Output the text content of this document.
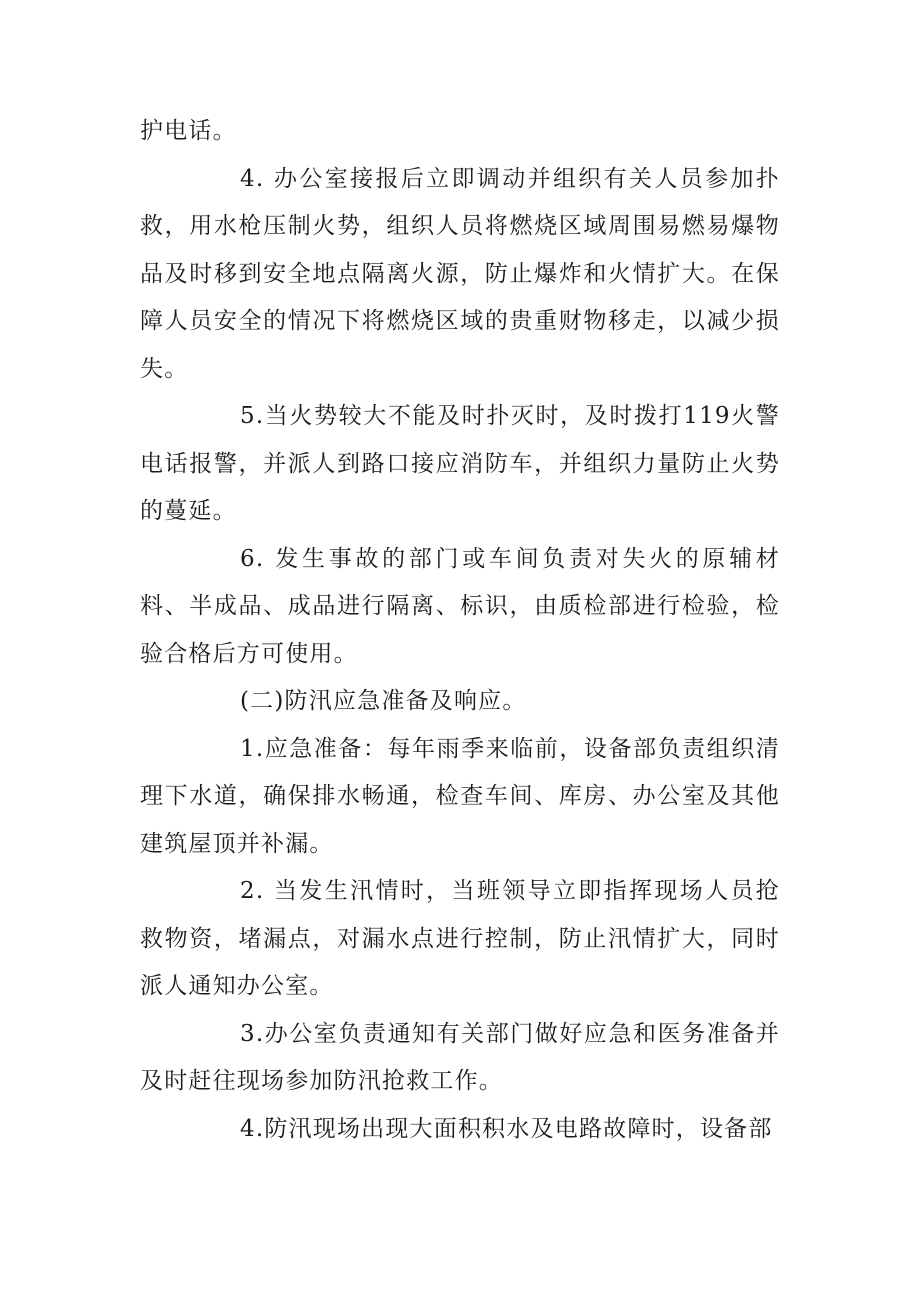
护电话。

4. 办公室接报后立即调动并组织有关人员参加扑救，用水枪压制火势，组织人员将燃烧区域周围易燃易爆物品及时移到安全地点隔离火源，防止爆炸和火情扩大。在保障人员安全的情况下将燃烧区域的贵重财物移走，以减少损失。

5.当火势较大不能及时扑灭时，及时拨打119火警电话报警，并派人到路口接应消防车，并组织力量防止火势的蔓延。

6. 发生事故的部门或车间负责对失火的原辅材料、半成品、成品进行隔离、标识，由质检部进行检验，检验合格后方可使用。

(二)防汛应急准备及响应。

1.应急准备：每年雨季来临前，设备部负责组织清理下水道，确保排水畅通，检查车间、库房、办公室及其他建筑屋顶并补漏。

2. 当发生汛情时，当班领导立即指挥现场人员抢救物资，堵漏点，对漏水点进行控制，防止汛情扩大，同时派人通知办公室。

3.办公室负责通知有关部门做好应急和医务准备并及时赶往现场参加防汛抢救工作。

4.防汛现场出现大面积积水及电路故障时，设备部
